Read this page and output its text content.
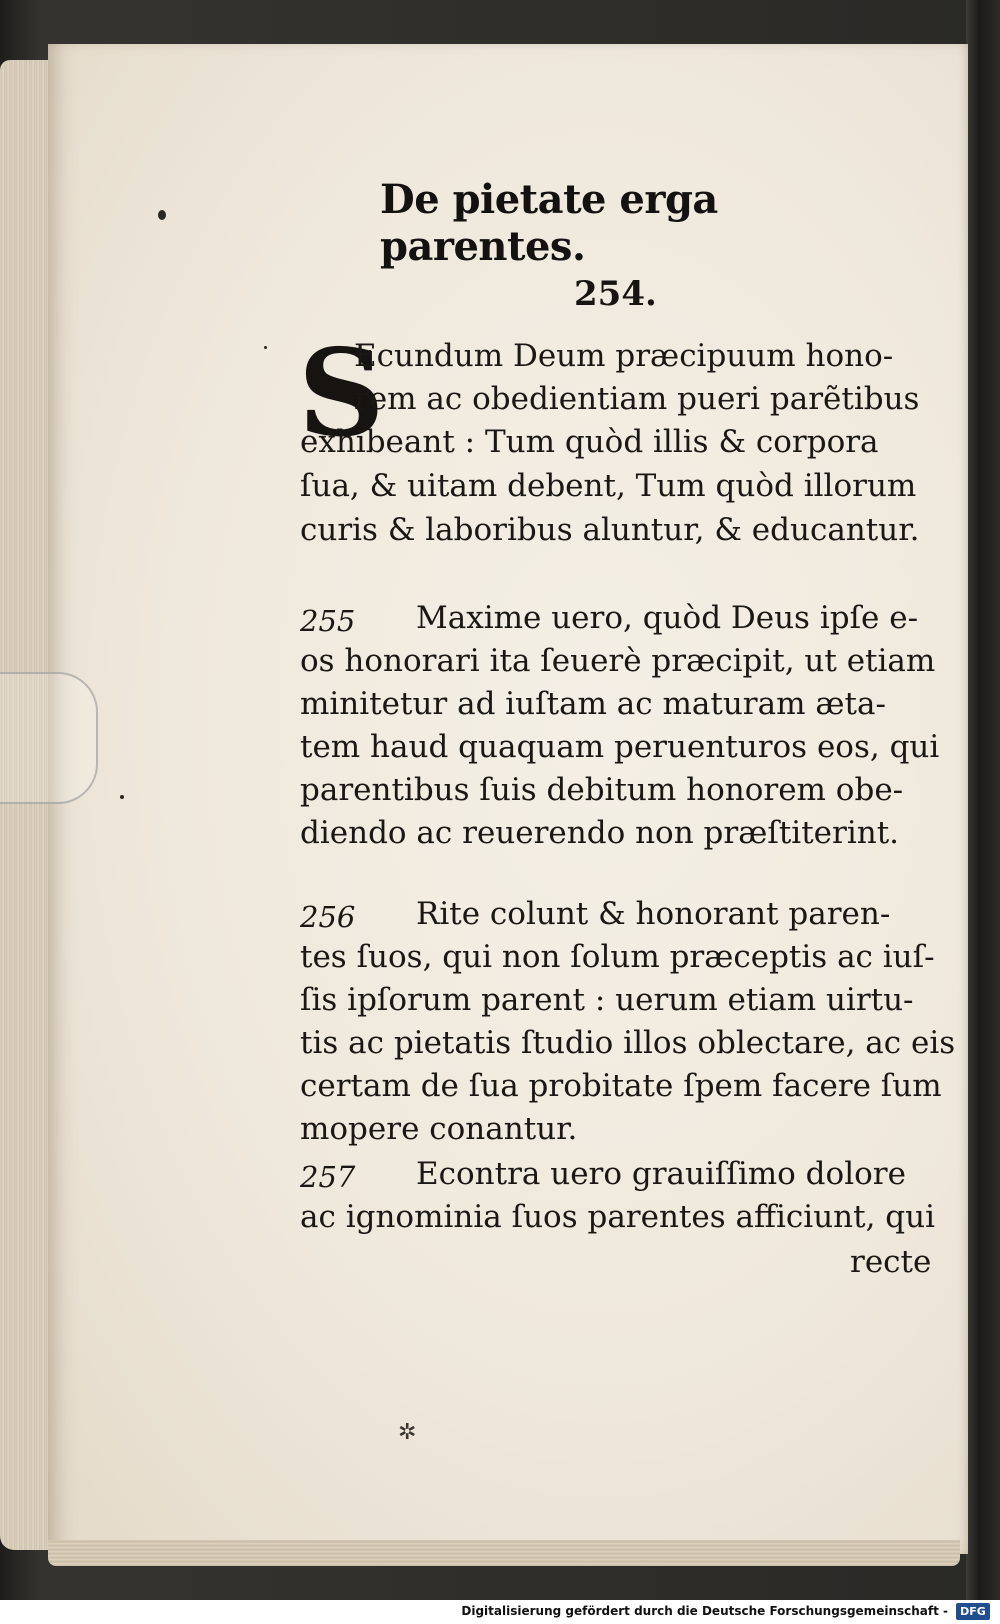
De pietate erga parentes.
254.
S
Ecundum Deum præcipuum hono-
rem ac obedientiam pueri parẽtibus
exhibeant : Tum quòd illis & corpora
ſua, & uitam debent, Tum quòd illorum
curis & laboribus aluntur, & educantur.
255 Maxime uero, quòd Deus ipſe e-
os honorari ita ſeuerè præcipit, ut etiam
minitetur ad iuſtam ac maturam æta-
tem haud quaquam peruenturos eos, qui
parentibus ſuis debitum honorem obe-
diendo ac reuerendo non præſtiterint.
256 Rite colunt & honorant paren-
tes ſuos, qui non ſolum præceptis ac iuſ-
ſis ipſorum parent : uerum etiam uirtu-
tis ac pietatis ſtudio illos oblectare, ac eis
certam de ſua probitate ſpem facere ſum
mopere conantur.
257 Econtra uero grauiſſimo dolore
ac ignominia ſuos parentes afficiunt, qui
recte
✲
Digitalisierung gefördert durch die Deutsche Forschungsgemeinschaft -	DFG
